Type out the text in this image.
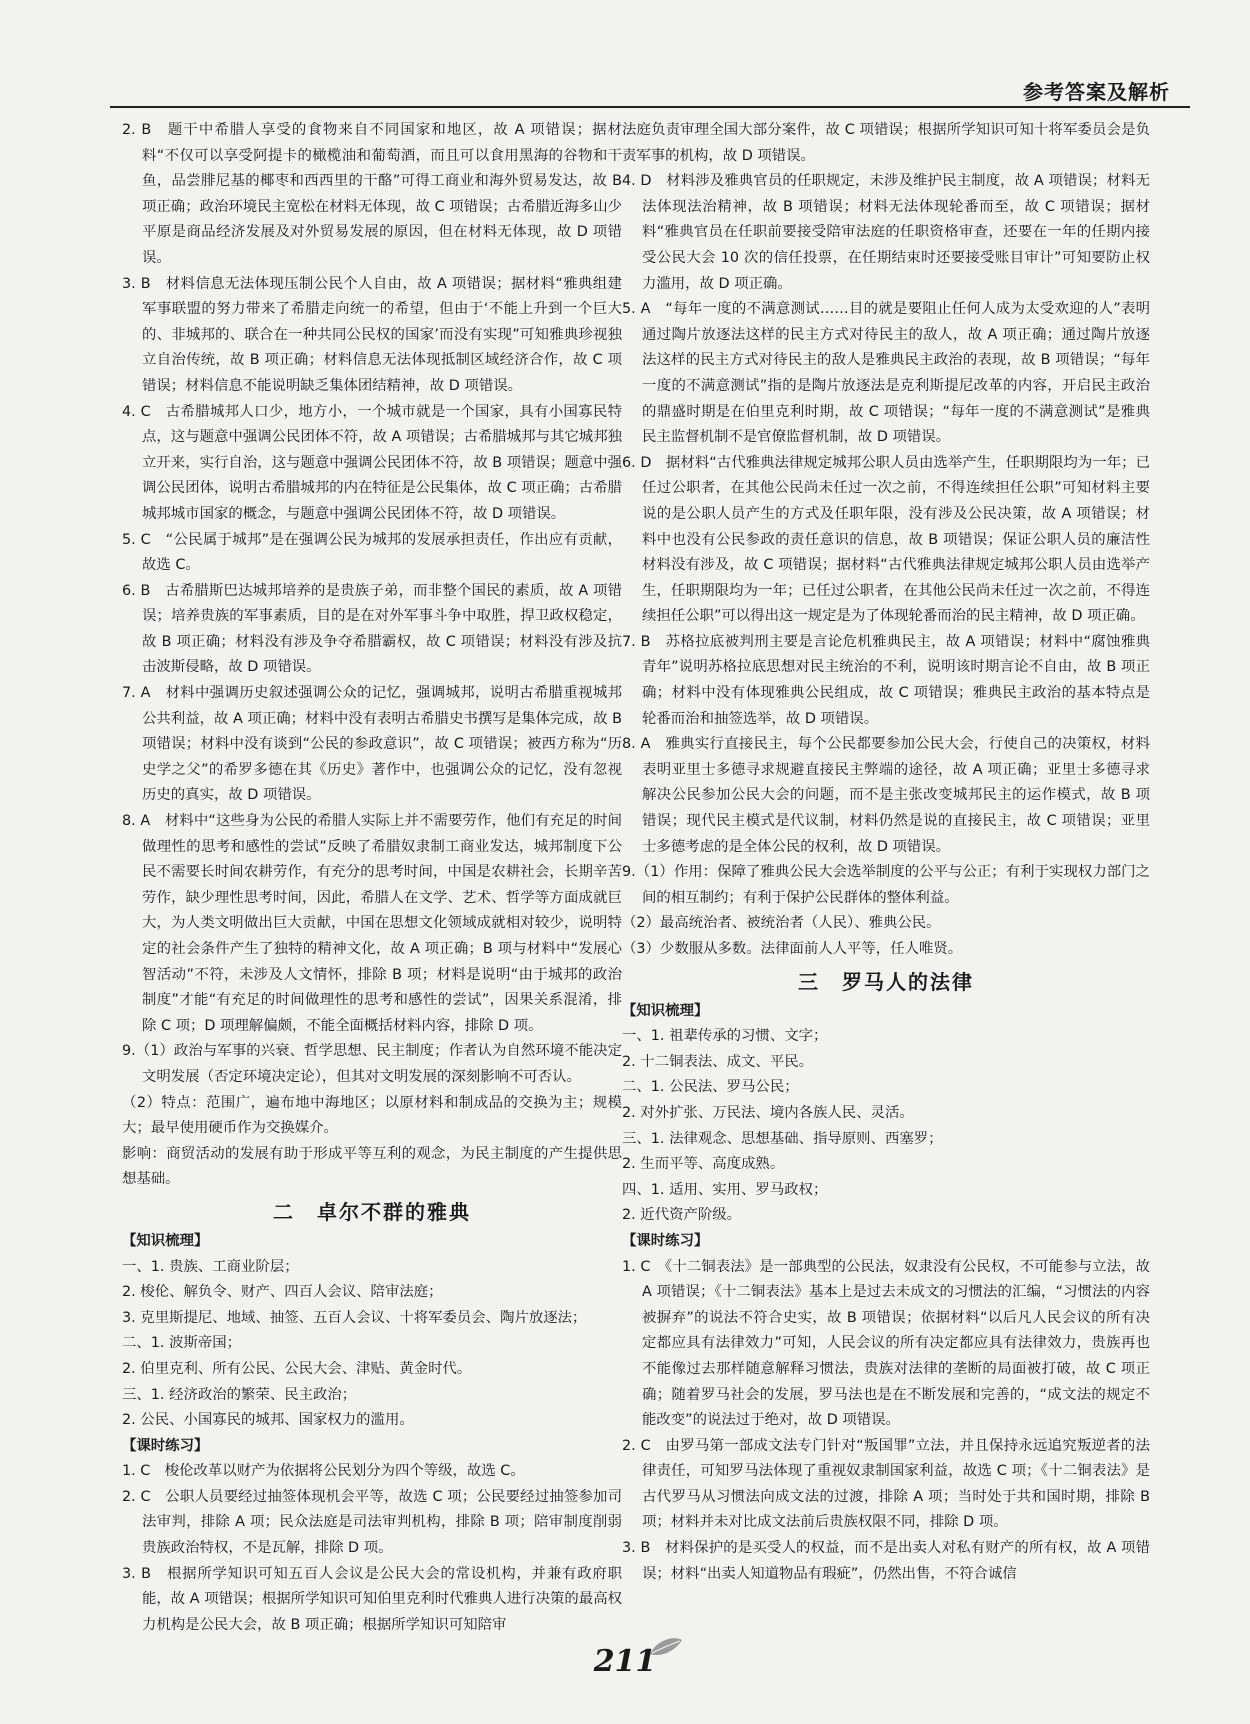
参考答案及解析

2. B　题干中希腊人享受的食物来自不同国家和地区，故 A 项错误；据材料“不仅可以享受阿提卡的橄榄油和葡萄酒，而且可以食用黑海的谷物和干鱼，品尝腓尼基的椰枣和西西里的干酪”可得工商业和海外贸易发达，故 B 项正确；政治环境民主宽松在材料无体现，故 C 项错误；古希腊近海多山少平原是商品经济发展及对外贸易发展的原因，但在材料无体现，故 D 项错误。

3. B　材料信息无法体现压制公民个人自由，故 A 项错误；据材料“雅典组建军事联盟的努力带来了希腊走向统一的希望，但由于‘不能上升到一个巨大的、非城邦的、联合在一种共同公民权的国家’而没有实现”可知雅典珍视独立自治传统，故 B 项正确；材料信息无法体现抵制区域经济合作，故 C 项错误；材料信息不能说明缺乏集体团结精神，故 D 项错误。

4. C　古希腊城邦人口少，地方小，一个城市就是一个国家，具有小国寡民特点，这与题意中强调公民团体不符，故 A 项错误；古希腊城邦与其它城邦独立开来，实行自治，这与题意中强调公民团体不符，故 B 项错误；题意中强调公民团体，说明古希腊城邦的内在特征是公民集体，故 C 项正确；古希腊城邦城市国家的概念，与题意中强调公民团体不符，故 D 项错误。

5. C　“公民属于城邦”是在强调公民为城邦的发展承担责任，作出应有贡献，故选 C。

6. B　古希腊斯巴达城邦培养的是贵族子弟，而非整个国民的素质，故 A 项错误；培养贵族的军事素质，目的是在对外军事斗争中取胜，捍卫政权稳定，故 B 项正确；材料没有涉及争夺希腊霸权，故 C 项错误；材料没有涉及抗击波斯侵略，故 D 项错误。

7. A　材料中强调历史叙述强调公众的记忆，强调城邦，说明古希腊重视城邦公共利益，故 A 项正确；材料中没有表明古希腊史书撰写是集体完成，故 B 项错误；材料中没有谈到“公民的参政意识”，故 C 项错误；被西方称为“历史学之父”的希罗多德在其《历史》著作中，也强调公众的记忆，没有忽视历史的真实，故 D 项错误。

8. A　材料中“这些身为公民的希腊人实际上并不需要劳作，他们有充足的时间做理性的思考和感性的尝试”反映了希腊奴隶制工商业发达，城邦制度下公民不需要长时间农耕劳作，有充分的思考时间，中国是农耕社会，长期辛苦劳作，缺少理性思考时间，因此，希腊人在文学、艺术、哲学等方面成就巨大，为人类文明做出巨大贡献，中国在思想文化领域成就相对较少，说明特定的社会条件产生了独特的精神文化，故 A 项正确；B 项与材料中“发展心智活动”不符，未涉及人文情怀，排除 B 项；材料是说明“由于城邦的政治制度”才能“有充足的时间做理性的思考和感性的尝试”，因果关系混淆，排除 C 项；D 项理解偏颇，不能全面概括材料内容，排除 D 项。

9.（1）政治与军事的兴衰、哲学思想、民主制度；作者认为自然环境不能决定文明发展（否定环境决定论），但其对文明发展的深刻影响不可否认。

（2）特点：范围广，遍布地中海地区；以原材料和制成品的交换为主；规模大；最早使用硬币作为交换媒介。

影响：商贸活动的发展有助于形成平等互利的观念，为民主制度的产生提供思想基础。

二　卓尔不群的雅典

【知识梳理】

一、1. 贵族、工商业阶层；

2. 梭伦、解负令、财产、四百人会议、陪审法庭；

3. 克里斯提尼、地域、抽签、五百人会议、十将军委员会、陶片放逐法；

二、1. 波斯帝国；

2. 伯里克利、所有公民、公民大会、津贴、黄金时代。

三、1. 经济政治的繁荣、民主政治；

2. 公民、小国寡民的城邦、国家权力的滥用。

【课时练习】

1. C　梭伦改革以财产为依据将公民划分为四个等级，故选 C。

2. C　公职人员要经过抽签体现机会平等，故选 C 项；公民要经过抽签参加司法审判，排除 A 项；民众法庭是司法审判机构，排除 B 项；陪审制度削弱贵族政治特权，不是瓦解，排除 D 项。

3. B　根据所学知识可知五百人会议是公民大会的常设机构，并兼有政府职能，故 A 项错误；根据所学知识可知伯里克利时代雅典人进行决策的最高权力机构是公民大会，故 B 项正确；根据所学知识可知陪审

法庭负责审理全国大部分案件，故 C 项错误；根据所学知识可知十将军委员会是负责军事的机构，故 D 项错误。

4. D　材料涉及雅典官员的任职规定，未涉及维护民主制度，故 A 项错误；材料无法体现法治精神，故 B 项错误；材料无法体现轮番而至，故 C 项错误；据材料“雅典官员在任职前要接受陪审法庭的任职资格审查，还要在一年的任期内接受公民大会 10 次的信任投票，在任期结束时还要接受账目审计”可知要防止权力滥用，故 D 项正确。

5. A　“每年一度的不满意测试……目的就是要阻止任何人成为太受欢迎的人”表明通过陶片放逐法这样的民主方式对待民主的敌人，故 A 项正确；通过陶片放逐法这样的民主方式对待民主的敌人是雅典民主政治的表现，故 B 项错误；“每年一度的不满意测试”指的是陶片放逐法是克利斯提尼改革的内容，开启民主政治的鼎盛时期是在伯里克利时期，故 C 项错误；“每年一度的不满意测试”是雅典民主监督机制不是官僚监督机制，故 D 项错误。

6. D　据材料“古代雅典法律规定城邦公职人员由选举产生，任职期限均为一年；已任过公职者，在其他公民尚未任过一次之前，不得连续担任公职”可知材料主要说的是公职人员产生的方式及任职年限，没有涉及公民决策，故 A 项错误；材料中也没有公民参政的责任意识的信息，故 B 项错误；保证公职人员的廉洁性材料没有涉及，故 C 项错误；据材料“古代雅典法律规定城邦公职人员由选举产生，任职期限均为一年；已任过公职者，在其他公民尚未任过一次之前，不得连续担任公职”可以得出这一规定是为了体现轮番而治的民主精神，故 D 项正确。

7. B　苏格拉底被判刑主要是言论危机雅典民主，故 A 项错误；材料中“腐蚀雅典青年”说明苏格拉底思想对民主统治的不利，说明该时期言论不自由，故 B 项正确；材料中没有体现雅典公民组成，故 C 项错误；雅典民主政治的基本特点是轮番而治和抽签选举，故 D 项错误。

8. A　雅典实行直接民主，每个公民都要参加公民大会，行使自己的决策权，材料表明亚里士多德寻求规避直接民主弊端的途径，故 A 项正确；亚里士多德寻求解决公民参加公民大会的问题，而不是主张改变城邦民主的运作模式，故 B 项错误；现代民主模式是代议制，材料仍然是说的直接民主，故 C 项错误；亚里士多德考虑的是全体公民的权利，故 D 项错误。

9.（1）作用：保障了雅典公民大会选举制度的公平与公正；有利于实现权力部门之间的相互制约；有利于保护公民群体的整体利益。

（2）最高统治者、被统治者（人民）、雅典公民。

（3）少数服从多数。法律面前人人平等，任人唯贤。

三　罗马人的法律

【知识梳理】

一、1. 祖辈传承的习惯、文字；

2. 十二铜表法、成文、平民。

二、1. 公民法、罗马公民；

2. 对外扩张、万民法、境内各族人民、灵活。

三、1. 法律观念、思想基础、指导原则、西塞罗；

2. 生而平等、高度成熟。

四、1. 适用、实用、罗马政权；

2. 近代资产阶级。

【课时练习】

1. C　《十二铜表法》是一部典型的公民法，奴隶没有公民权，不可能参与立法，故 A 项错误；《十二铜表法》基本上是过去未成文的习惯法的汇编，“习惯法的内容被摒弃”的说法不符合史实，故 B 项错误；依据材料“以后凡人民会议的所有决定都应具有法律效力”可知，人民会议的所有决定都应具有法律效力，贵族再也不能像过去那样随意解释习惯法，贵族对法律的垄断的局面被打破，故 C 项正确；随着罗马社会的发展，罗马法也是在不断发展和完善的，“成文法的规定不能改变”的说法过于绝对，故 D 项错误。

2. C　由罗马第一部成文法专门针对“叛国罪”立法，并且保持永远追究叛逆者的法律责任，可知罗马法体现了重视奴隶制国家利益，故选 C 项；《十二铜表法》是古代罗马从习惯法向成文法的过渡，排除 A 项；当时处于共和国时期，排除 B 项；材料并未对比成文法前后贵族权限不同，排除 D 项。

3. B　材料保护的是买受人的权益，而不是出卖人对私有财产的所有权，故 A 项错误；材料“出卖人知道物品有瑕疵”，仍然出售，不符合诚信

211
